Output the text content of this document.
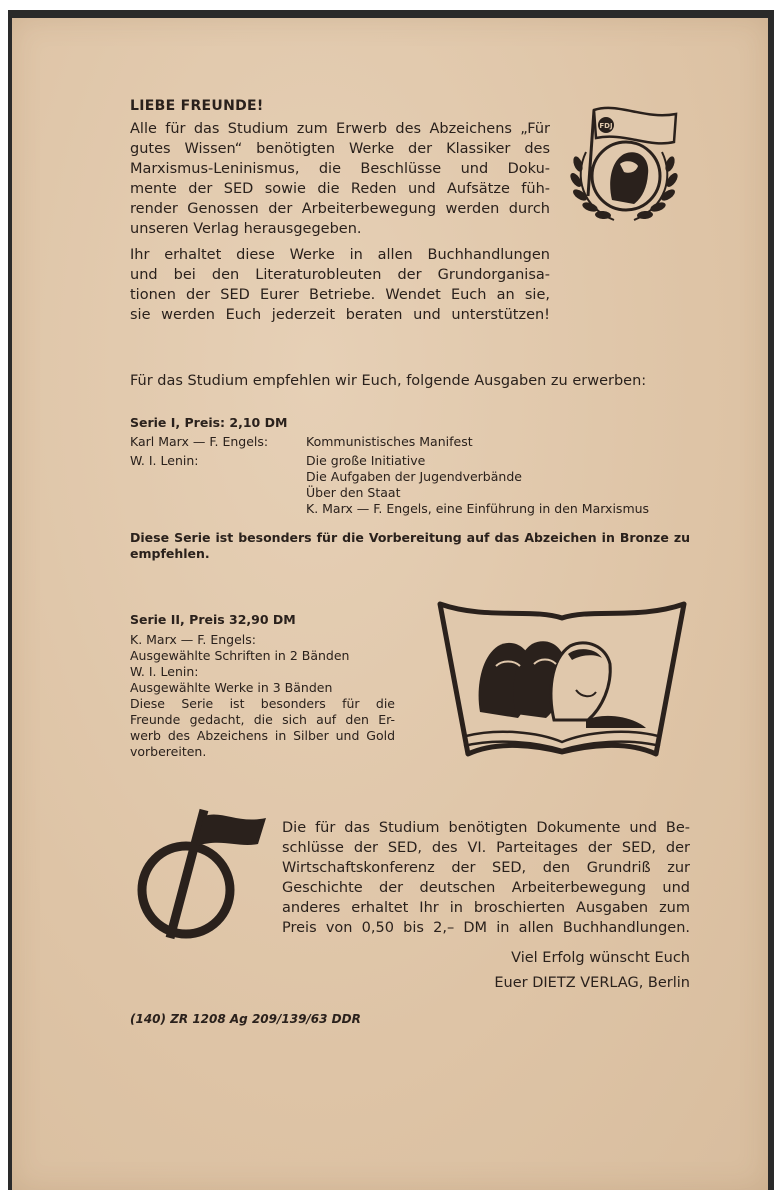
LIEBE FREUNDE!
Alle für das Studium zum Erwerb des Abzeichens „Für
gutes Wissen“ benötigten Werke der Klassiker des
Marxismus-Leninismus, die Beschlüsse und Doku-
mente der SED sowie die Reden und Aufsätze füh-
render Genossen der Arbeiterbewegung werden durch
unseren Verlag herausgegeben.
Ihr erhaltet diese Werke in allen Buchhandlungen
und bei den Literaturobleuten der Grundorganisa-
tionen der SED Eurer Betriebe. Wendet Euch an sie,
sie werden Euch jederzeit beraten und unterstützen!
FDJ
Für das Studium empfehlen wir Euch, folgende Ausgaben zu erwerben:
Serie I, Preis: 2,10 DM
Karl Marx — F. Engels:	Kommunistisches Manifest
W. I. Lenin:	Die große Initiative
Die Aufgaben der Jugendverbände
Über den Staat
K. Marx — F. Engels, eine Einführung in den Marxismus
Diese Serie ist besonders für die Vorbereitung auf das Abzeichen in Bronze zu
empfehlen.
Serie II, Preis 32,90 DM
K. Marx — F. Engels:
Ausgewählte Schriften in 2 Bänden
W. I. Lenin:
Ausgewählte Werke in 3 Bänden
Diese Serie ist besonders für die
Freunde gedacht, die sich auf den Er-
werb des Abzeichens in Silber und Gold
vorbereiten.
Die für das Studium benötigten Dokumente und Be-
schlüsse der SED, des VI. Parteitages der SED, der
Wirtschaftskonferenz der SED, den Grundriß zur
Geschichte der deutschen Arbeiterbewegung und
anderes erhaltet Ihr in broschierten Ausgaben zum
Preis von 0,50 bis 2,– DM in allen Buchhandlungen.
Viel Erfolg wünscht Euch
Euer DIETZ VERLAG, Berlin
(140) ZR 1208 Ag 209/139/63 DDR
